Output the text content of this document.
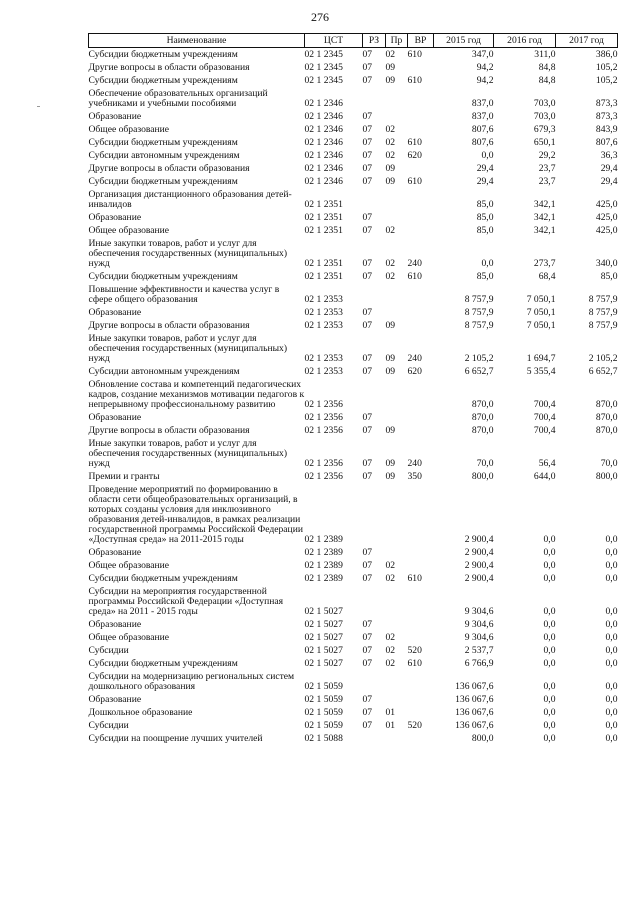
276
Наименование	ЦСТ	РЗ	Пр	ВР	2015 год	2016 год	2017 год
Субсидии бюджетным учреждениям	02 1 2345	07	02	610	347,0	311,0	386,0
Другие вопросы в области образования	02 1 2345	07	09		94,2	84,8	105,2
Субсидии бюджетным учреждениям	02 1 2345	07	09	610	94,2	84,8	105,2
Обеспечение образовательных организаций учебниками и учебными пособиями	02 1 2346				837,0	703,0	873,3
Образование	02 1 2346	07			837,0	703,0	873,3
Общее образование	02 1 2346	07	02		807,6	679,3	843,9
Субсидии бюджетным учреждениям	02 1 2346	07	02	610	807,6	650,1	807,6
Субсидии автономным учреждениям	02 1 2346	07	02	620	0,0	29,2	36,3
Другие вопросы в области образования	02 1 2346	07	09		29,4	23,7	29,4
Субсидии бюджетным учреждениям	02 1 2346	07	09	610	29,4	23,7	29,4
Организация дистанционного образования детей-инвалидов	02 1 2351				85,0	342,1	425,0
Образование	02 1 2351	07			85,0	342,1	425,0
Общее образование	02 1 2351	07	02		85,0	342,1	425,0
Иные закупки товаров, работ и услуг для обеспечения государственных (муниципальных) нужд	02 1 2351	07	02	240	0,0	273,7	340,0
Субсидии бюджетным учреждениям	02 1 2351	07	02	610	85,0	68,4	85,0
Повышение эффективности и качества услуг в сфере общего образования	02 1 2353				8 757,9	7 050,1	8 757,9
Образование	02 1 2353	07			8 757,9	7 050,1	8 757,9
Другие вопросы в области образования	02 1 2353	07	09		8 757,9	7 050,1	8 757,9
Иные закупки товаров, работ и услуг для обеспечения государственных (муниципальных) нужд	02 1 2353	07	09	240	2 105,2	1 694,7	2 105,2
Субсидии автономным учреждениям	02 1 2353	07	09	620	6 652,7	5 355,4	6 652,7
Обновление состава и компетенций педагогических кадров, создание механизмов мотивации педагогов к непрерывному профессиональному развитию	02 1 2356				870,0	700,4	870,0
Образование	02 1 2356	07			870,0	700,4	870,0
Другие вопросы в области образования	02 1 2356	07	09		870,0	700,4	870,0
Иные закупки товаров, работ и услуг для обеспечения государственных (муниципальных) нужд	02 1 2356	07	09	240	70,0	56,4	70,0
Премии и гранты	02 1 2356	07	09	350	800,0	644,0	800,0
Проведение мероприятий по формированию в области сети общеобразовательных организаций, в которых созданы условия для инклюзивного образования детей-инвалидов, в рамках реализации государственной программы Российской Федерации «Доступная среда» на 2011-2015 годы	02 1 2389				2 900,4	0,0	0,0
Образование	02 1 2389	07			2 900,4	0,0	0,0
Общее образование	02 1 2389	07	02		2 900,4	0,0	0,0
Субсидии бюджетным учреждениям	02 1 2389	07	02	610	2 900,4	0,0	0,0
Субсидии на мероприятия государственной программы Российской Федерации «Доступная среда» на 2011 - 2015 годы	02 1 5027				9 304,6	0,0	0,0
Образование	02 1 5027	07			9 304,6	0,0	0,0
Общее образование	02 1 5027	07	02		9 304,6	0,0	0,0
Субсидии	02 1 5027	07	02	520	2 537,7	0,0	0,0
Субсидии бюджетным учреждениям	02 1 5027	07	02	610	6 766,9	0,0	0,0
Субсидии на модернизацию региональных систем дошкольного образования	02 1 5059				136 067,6	0,0	0,0
Образование	02 1 5059	07			136 067,6	0,0	0,0
Дошкольное образование	02 1 5059	07	01		136 067,6	0,0	0,0
Субсидии	02 1 5059	07	01	520	136 067,6	0,0	0,0
Субсидии на поощрение лучших учителей	02 1 5088				800,0	0,0	0,0
